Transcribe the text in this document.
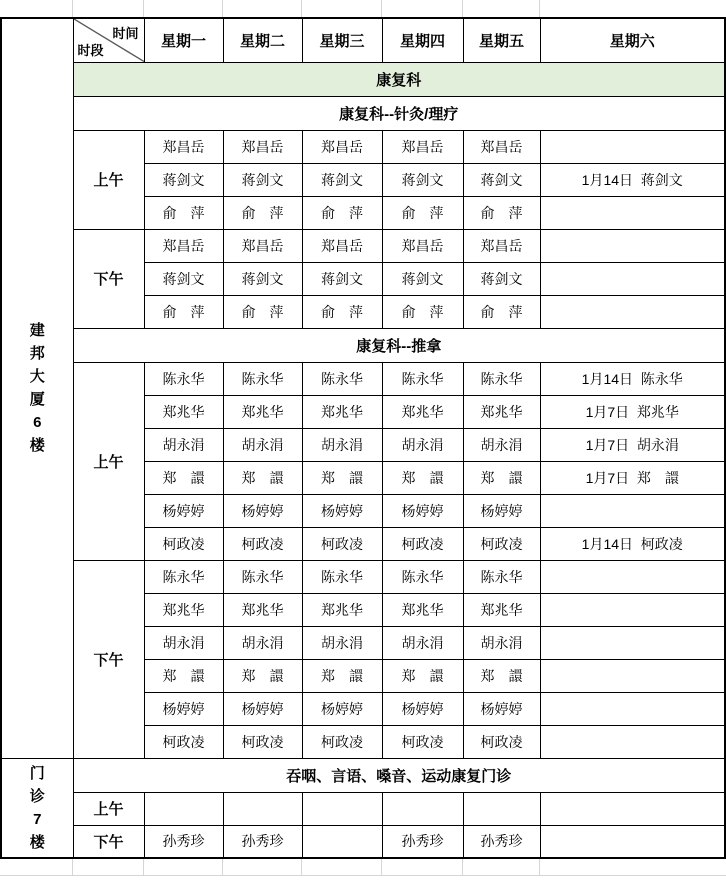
建
邦
大
厦
6
楼

时间
时段
	星期一	星期二	星期三	星期四	星期五	星期六
	康复科						
	康复科--针灸/理疗						
	上午	郑昌岳	郑昌岳	郑昌岳	郑昌岳	郑昌岳	
		蒋剑文	蒋剑文	蒋剑文	蒋剑文	蒋剑文	1月14日  蒋剑文
		俞　萍	俞　萍	俞　萍	俞　萍	俞　萍	
	下午	郑昌岳	郑昌岳	郑昌岳	郑昌岳	郑昌岳	
		蒋剑文	蒋剑文	蒋剑文	蒋剑文	蒋剑文	
		俞　萍	俞　萍	俞　萍	俞　萍	俞　萍	
	康复科--推拿						
	上午	陈永华	陈永华	陈永华	陈永华	陈永华	1月14日  陈永华
		郑兆华	郑兆华	郑兆华	郑兆华	郑兆华	1月7日  郑兆华
		胡永涓	胡永涓	胡永涓	胡永涓	胡永涓	1月7日  胡永涓
		郑　譞	郑　譞	郑　譞	郑　譞	郑　譞	1月7日  郑　譞
		杨婷婷	杨婷婷	杨婷婷	杨婷婷	杨婷婷	
		柯政凌	柯政凌	柯政凌	柯政凌	柯政凌	1月14日  柯政凌
	下午	陈永华	陈永华	陈永华	陈永华	陈永华	
		郑兆华	郑兆华	郑兆华	郑兆华	郑兆华	
		胡永涓	胡永涓	胡永涓	胡永涓	胡永涓	
		郑　譞	郑　譞	郑　譞	郑　譞	郑　譞	
		杨婷婷	杨婷婷	杨婷婷	杨婷婷	杨婷婷	
		柯政凌	柯政凌	柯政凌	柯政凌	柯政凌	

门
诊
7
楼	吞咽、言语、嗓音、运动康复门诊						
	上午						
	下午	孙秀珍	孙秀珍		孙秀珍	孙秀珍	
